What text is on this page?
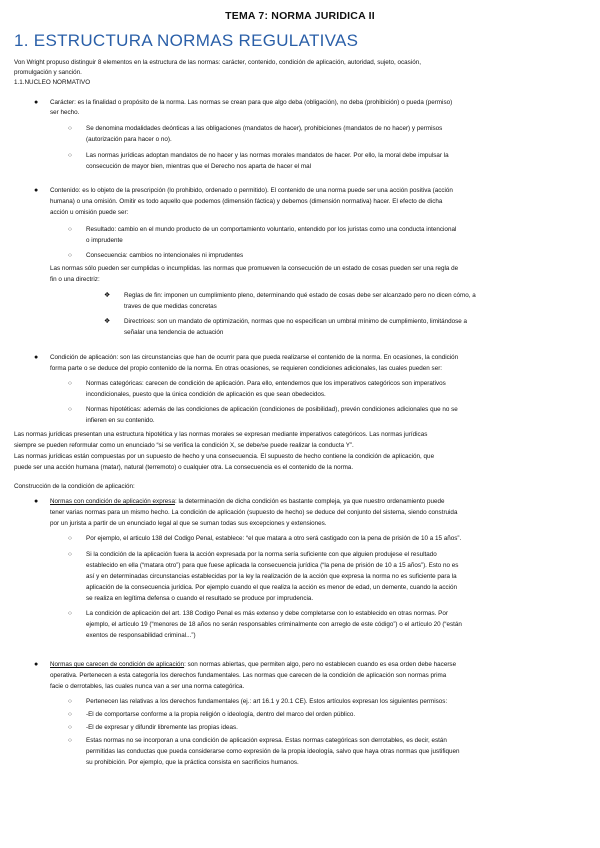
TEMA 7: NORMA JURIDICA II
1. ESTRUCTURA NORMAS REGULATIVAS
Von Wright propuso distinguir 8 elementos en la estructura de las normas: carácter, contenido, condición de aplicación, autoridad, sujeto, ocasión,
promulgación y sanción.
1.1.NUCLEO NORMATIVO
● Carácter: es la finalidad o propósito de la norma. Las normas se crean para que algo deba (obligación), no deba (prohibición) o pueda (permiso)
ser hecho.
○ Se denomina modalidades deónticas a las obligaciones (mandatos de hacer), prohibiciones (mandatos de no hacer) y permisos
(autorización para hacer o no).
○ Las normas jurídicas adoptan mandatos de no hacer y las normas morales mandatos de hacer. Por ello, la moral debe impulsar la
consecución de mayor bien, mientras que el Derecho nos aparta de hacer el mal
● Contenido: es lo objeto de la prescripción (lo prohibido, ordenado o permitido). El contenido de una norma puede ser una acción positiva (acción
humana) o una omisión. Omitir es todo aquello que podemos (dimensión fáctica) y debemos (dimensión normativa) hacer. El efecto de dicha
acción u omisión puede ser:
○ Resultado: cambio en el mundo producto de un comportamiento voluntario, entendido por los juristas como una conducta intencional
o imprudente
○ Consecuencia: cambios no intencionales ni imprudentes
Las normas sólo pueden ser cumplidas o incumplidas. las normas que promueven la consecución de un estado de cosas pueden ser una regla de
fin o una directriz:
❖ Reglas de fin: imponen un cumplimiento pleno, determinando qué estado de cosas debe ser alcanzado pero no dicen cómo, a
traves de que medidas concretas
❖ Directrices: son un mandato de optimización, normas que no especifican un umbral mínimo de cumplimiento, limitándose a
señalar una tendencia de actuación
● Condición de aplicación: son las circunstancias que han de ocurrir para que pueda realizarse el contenido de la norma. En ocasiones, la condición
forma parte o se deduce del propio contenido de la norma. En otras ocasiones, se requieren condiciones adicionales, las cuales pueden ser:
○ Normas categóricas: carecen de condición de aplicación. Para ello, entendemos que los imperativos categóricos son imperativos
incondicionales, puesto que la única condición de aplicación es que sean obedecidos.
○ Normas hipotéticas: además de las condiciones de aplicación (condiciones de posibilidad), prevén condiciones adicionales que no se
infieren en su contenido.
Las normas jurídicas presentan una estructura hipotética y las normas morales se expresan mediante imperativos categóricos. Las normas jurídicas
siempre se pueden reformular como un enunciado “si se verifica la condición X, se debe/se puede realizar la conducta Y”.
Las normas jurídicas están compuestas por un supuesto de hecho y una consecuencia. El supuesto de hecho contiene la condición de aplicación, que
puede ser una acción humana (matar), natural (terremoto) o cualquier otra. La consecuencia es el contenido de la norma.
Construcción de la condición de aplicación:
● Normas con condición de aplicación expresa: la determinación de dicha condición es bastante compleja, ya que nuestro ordenamiento puede
tener varias normas para un mismo hecho. La condición de aplicación (supuesto de hecho) se deduce del conjunto del sistema, siendo construida
por un jurista a partir de un enunciado legal al que se suman todas sus excepciones y extensiones.
○ Por ejemplo, el articulo 138 del Codigo Penal, establece: “el que matara a otro será castigado con la pena de prisión de 10 a 15 años”.
○ Si la condición de la aplicación fuera la acción expresada por la norma sería suficiente con que alguien produjese el resultado
establecido en ella (“matara otro”) para que fuese aplicada la consecuencia jurídica (“la pena de prisión de 10 a 15 años”). Esto no es
así y en determinadas circunstancias establecidas por la ley la realización de la acción que expresa la norma no es suficiente para la
aplicación de la consecuencia jurídica. Por ejemplo cuando el que realiza la acción es menor de edad, un demente, cuando la acción
se realiza en legítima defensa o cuando el resultado se produce por imprudencia.
○ La condición de aplicación del art. 138 Codigo Penal es más extenso y debe completarse con lo establecido en otras normas. Por
ejemplo, el artículo 19 (“menores de 18 años no serán responsables criminalmente con arreglo de este código”) o el artículo 20 (“están
exentos de responsabilidad criminal...”)
● Normas que carecen de condición de aplicación: son normas abiertas, que permiten algo, pero no establecen cuando es esa orden debe hacerse
operativa. Pertenecen a esta categoría los derechos fundamentales. Las normas que carecen de la condición de aplicación son normas prima
facie o derrotables, las cuales nunca van a ser una norma categórica.
○ Pertenecen las relativas a los derechos fundamentales (ej.: art 16.1 y 20.1 CE). Estos artículos expresan los siguientes permisos:
○ -El de comportarse conforme a la propia religión o ideología, dentro del marco del orden público.
○ -El de expresar y difundir libremente las propias ideas.
○ Estas normas no se incorporan a una condición de aplicación expresa. Estas normas categóricas son derrotables, es decir, están
permitidas las conductas que pueda considerarse como expresión de la propia ideología, salvo que haya otras normas que justifiquen
su prohibición. Por ejemplo, que la práctica consista en sacrificios humanos.
